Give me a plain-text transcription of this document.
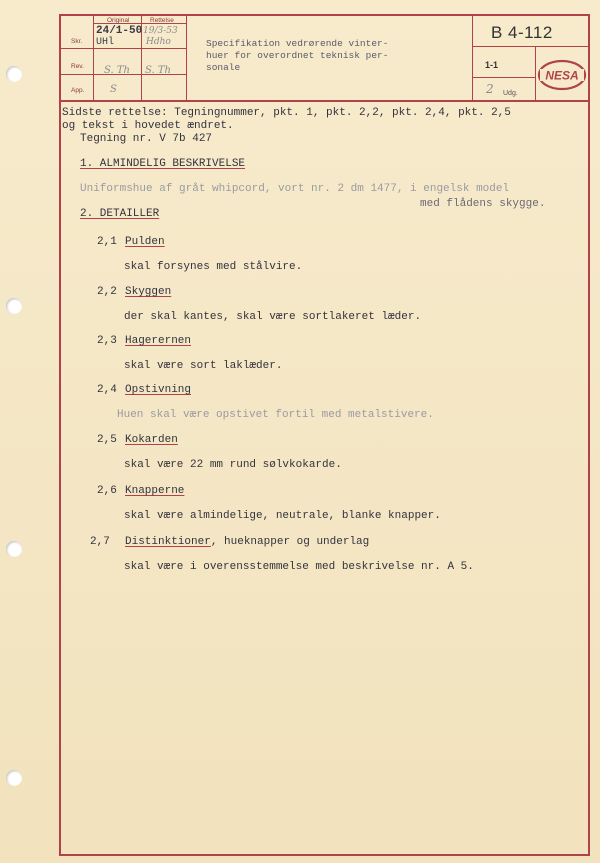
Original	Rettelse
Skr.
Rev.
App.
24/1-50
UHl
19/3-53
Hdho
S. Th S. Th
S
Specifikation vedrørende vinter-
huer for overordnet teknisk per-
sonale
B 4-112
1-1
2 Udg.
NESA
Sidste rettelse: Tegningnummer, pkt. 1, pkt. 2,2, pkt. 2,4, pkt. 2,5
og tekst i hovedet ændret.
Tegning nr. V 7b 427
1. ALMINDELIG BESKRIVELSE
Uniformshue af gråt whipcord, vort nr. 2 dm 1477, i engelsk model
med flådens skygge.
2. DETAILLER
2,1 Pulden
skal forsynes med stålvire.
2,2 Skyggen
der skal kantes, skal være sortlakeret læder.
2,3 Hagerernen
skal være sort laklæder.
2,4 Opstivning
Huen skal være opstivet fortil med metalstivere.
2,5 Kokarden
skal være 22 mm rund sølvkokarde.
2,6 Knapperne
skal være almindelige, neutrale, blanke knapper.
2,7 Distinktioner, hueknapper og underlag
skal være i overensstemmelse med beskrivelse nr. A 5.
